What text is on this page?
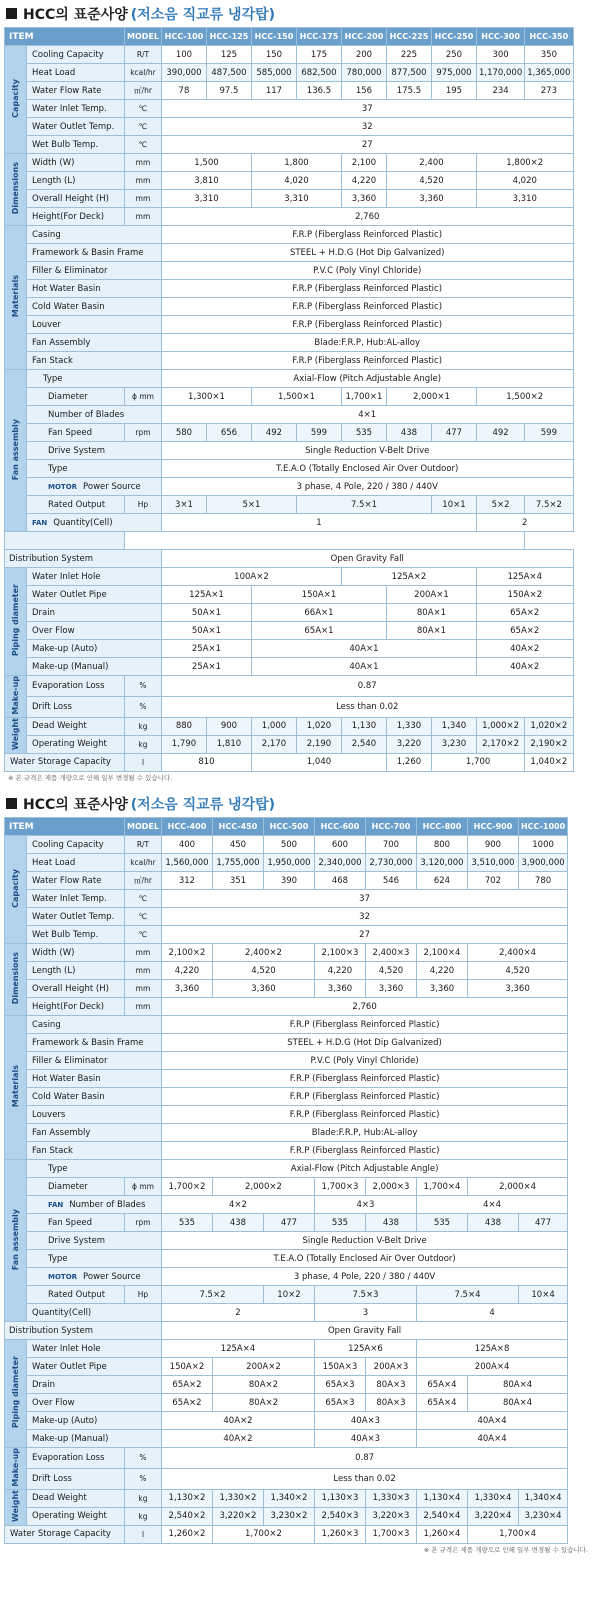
HCC의 표준사양 (저소음 직교류 냉각탑)
ITEM		MODEL	HCC-100	HCC-125	HCC-150	HCC-175	HCC-200	HCC-225	HCC-250	HCC-300	HCC-350
Capacity	Cooling Capacity	R/T	100	125	150	175	200	225	250	300	350
	Heat Load	kcal/hr	390,000	487,500	585,000	682,500	780,000	877,500	975,000	1,170,000	1,365,000
	Water Flow Rate	㎥/hr	78	97.5	117	136.5	156	175.5	195	234	273
	Water Inlet Temp.	℃	37								
	Water Outlet Temp.	℃	32								
	Wet Bulb Temp.	℃	27								
Dimensions	Width (W)	mm	1,500		1,800		2,100	2,400		1,800×2	
	Length (L)	mm	3,810		4,020		4,220	4,520		4,020	
	Overall Height (H)	mm	3,310		3,310		3,360	3,360		3,310	
	Height(For Deck)	mm	2,760								
Materials	Casing		F.R.P (Fiberglass Reinforced Plastic)								
	Framework & Basin Frame		STEEL + H.D.G (Hot Dip Galvanized)								
	Filler & Eliminator		P.V.C (Poly Vinyl Chloride)								
	Hot Water Basin		F.R.P (Fiberglass Reinforced Plastic)								
	Cold Water Basin		F.R.P (Fiberglass Reinforced Plastic)								
	Louver		F.R.P (Fiberglass Reinforced Plastic)								
	Fan Assembly		Blade:F.R.P, Hub:AL-alloy								
	Fan Stack		F.R.P (Fiberglass Reinforced Plastic)								
Fan assembly	Type		Axial-Flow (Pitch Adjustable Angle)								
	Diameter	ϕ mm	1,300×1		1,500×1		1,700×1	2,000×1		1,500×2	
	Number of Blades		4×1								
	Fan Speed	rpm	580	656	492	599	535	438	477	492	599
	Drive System		Single Reduction V-Belt Drive								
	Type		T.E.A.O (Totally Enclosed Air Over Outdoor)								
	MOTOR Power Source		3 phase, 4 Pole, 220 / 380 / 440V								
	Rated Output	Hp	3×1	5×1		7.5×1			10×1	5×2	7.5×2
	FAN Quantity(Cell)		1							2	

Distribution System			Open Gravity Fall								
Piping diameter	Water Inlet Hole		100A×2				125A×2			125A×4	
	Water Outlet Pipe		125A×1		150A×1			200A×1		150A×2	
	Drain		50A×1		66A×1			80A×1		65A×2	
	Over Flow		50A×1		65A×1			80A×1		65A×2	
	Make-up (Auto)		25A×1		40A×1					40A×2	
	Make-up (Manual)		25A×1		40A×1					40A×2	
Make-up	Evaporation Loss	%	0.87								
	Drift Loss	%	Less than 0.02								
Weight	Dead Weight	kg	880	900	1,000	1,020	1,130	1,330	1,340	1,000×2	1,020×2
	Operating Weight	kg	1,790	1,810	2,170	2,190	2,540	3,220	3,230	2,170×2	2,190×2
Water Storage Capacity		l	810		1,040			1,260	1,700		1,040×2
※ 본 규격은 제품 개량으로 인해 일부 변경될 수 있습니다.
HCC의 표준사양 (저소음 직교류 냉각탑)
ITEM		MODEL	HCC-400	HCC-450	HCC-500	HCC-600	HCC-700	HCC-800	HCC-900	HCC-1000
Capacity	Cooling Capacity	R/T	400	450	500	600	700	800	900	1000
	Heat Load	kcal/hr	1,560,000	1,755,000	1,950,000	2,340,000	2,730,000	3,120,000	3,510,000	3,900,000
	Water Flow Rate	㎥/hr	312	351	390	468	546	624	702	780
	Water Inlet Temp.	℃	37							
	Water Outlet Temp.	℃	32							
	Wet Bulb Temp.	℃	27							
Dimensions	Width (W)	mm	2,100×2	2,400×2		2,100×3	2,400×3	2,100×4	2,400×4	
	Length (L)	mm	4,220	4,520		4,220	4,520	4,220	4,520	
	Overall Height (H)	mm	3,360	3,360		3,360	3,360	3,360	3,360	
	Height(For Deck)	mm	2,760							
Materials	Casing		F.R.P (Fiberglass Reinforced Plastic)							
	Framework & Basin Frame		STEEL + H.D.G (Hot Dip Galvanized)							
	Filler & Eliminator		P.V.C (Poly Vinyl Chloride)							
	Hot Water Basin		F.R.P (Fiberglass Reinforced Plastic)							
	Cold Water Basin		F.R.P (Fiberglass Reinforced Plastic)							
	Louvers		F.R.P (Fiberglass Reinforced Plastic)							
	Fan Assembly		Blade:F.R.P, Hub:AL-alloy							
	Fan Stack		F.R.P (Fiberglass Reinforced Plastic)							
Fan assembly	Type		Axial-Flow (Pitch Adjustable Angle)							
	Diameter	ϕ mm	1,700×2	2,000×2		1,700×3	2,000×3	1,700×4	2,000×4	
	FAN Number of Blades		4×2			4×3		4×4		
	Fan Speed	rpm	535	438	477	535	438	535	438	477
	Drive System		Single Reduction V-Belt Drive							
	Type		T.E.A.O (Totally Enclosed Air Over Outdoor)							
	MOTOR Power Source		3 phase, 4 Pole, 220 / 380 / 440V							
	Rated Output	Hp	7.5×2		10×2	7.5×3		7.5×4		10×4
	Quantity(Cell)		2			3		4		
Distribution System			Open Gravity Fall							
Piping diameter	Water Inlet Hole		125A×4			125A×6		125A×8		
	Water Outlet Pipe		150A×2	200A×2		150A×3	200A×3	200A×4		
	Drain		65A×2	80A×2		65A×3	80A×3	65A×4	80A×4	
	Over Flow		65A×2	80A×2		65A×3	80A×3	65A×4	80A×4	
	Make-up (Auto)		40A×2			40A×3		40A×4		
	Make-up (Manual)		40A×2			40A×3		40A×4		
Make-up	Evaporation Loss	%	0.87							
	Drift Loss	%	Less than 0.02							
Weight	Dead Weight	kg	1,130×2	1,330×2	1,340×2	1,130×3	1,330×3	1,130×4	1,330×4	1,340×4
	Operating Weight	kg	2,540×2	3,220×2	3,230×2	2,540×3	3,220×3	2,540×4	3,220×4	3,230×4
Water Storage Capacity		l	1,260×2	1,700×2		1,260×3	1,700×3	1,260×4	1,700×4	
※ 본 규격은 제품 개량으로 인해 일부 변경될 수 있습니다.
